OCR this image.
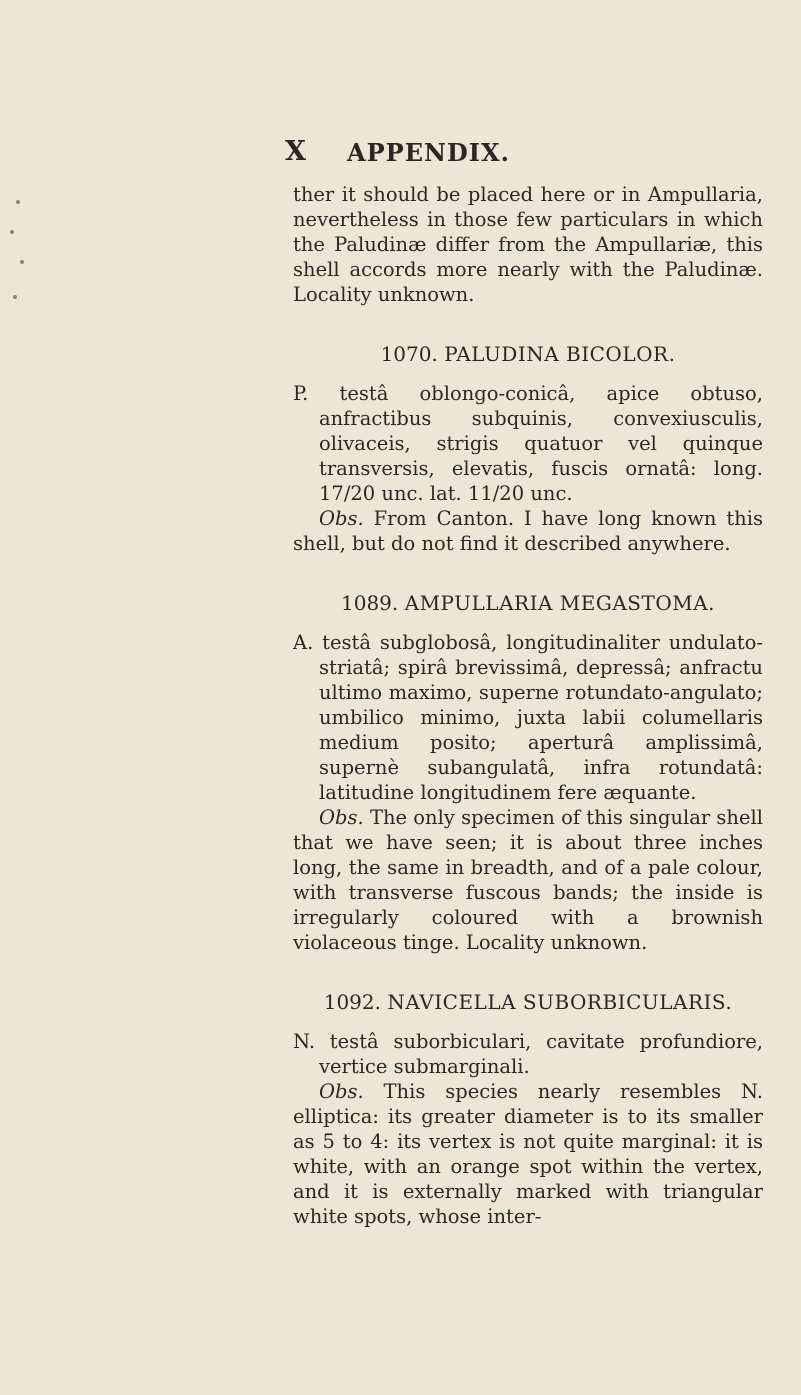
X APPENDIX.

ther it should be placed here or in Ampullaria, nevertheless in those few particulars in which the Paludinæ differ from the Ampullariæ, this shell accords more nearly with the Paludinæ. Locality unknown.

1070. PALUDINA BICOLOR.

P. testâ oblongo-conicâ, apice obtuso, anfractibus subquinis, convexiusculis, olivaceis, strigis quatuor vel quinque transversis, elevatis, fuscis ornatâ: long. 17/20 unc. lat. 11/20 unc.

Obs. From Canton. I have long known this shell, but do not find it described anywhere.

1089. AMPULLARIA MEGASTOMA.

A. testâ subglobosâ, longitudinaliter undulato-striatâ; spirâ brevissimâ, depressâ; anfractu ultimo maximo, superne rotundato-angulato; umbilico minimo, juxta labii columellaris medium posito; aperturâ amplissimâ, supernè subangulatâ, infra rotundatâ: latitudine longitudinem fere æquante.

Obs. The only specimen of this singular shell that we have seen; it is about three inches long, the same in breadth, and of a pale colour, with transverse fuscous bands; the inside is irregularly coloured with a brownish violaceous tinge. Locality unknown.

1092. NAVICELLA SUBORBICULARIS.

N. testâ suborbiculari, cavitate profundiore, vertice submarginali.

Obs. This species nearly resembles N. elliptica: its greater diameter is to its smaller as 5 to 4: its vertex is not quite marginal: it is white, with an orange spot within the vertex, and it is externally marked with triangular white spots, whose inter-
